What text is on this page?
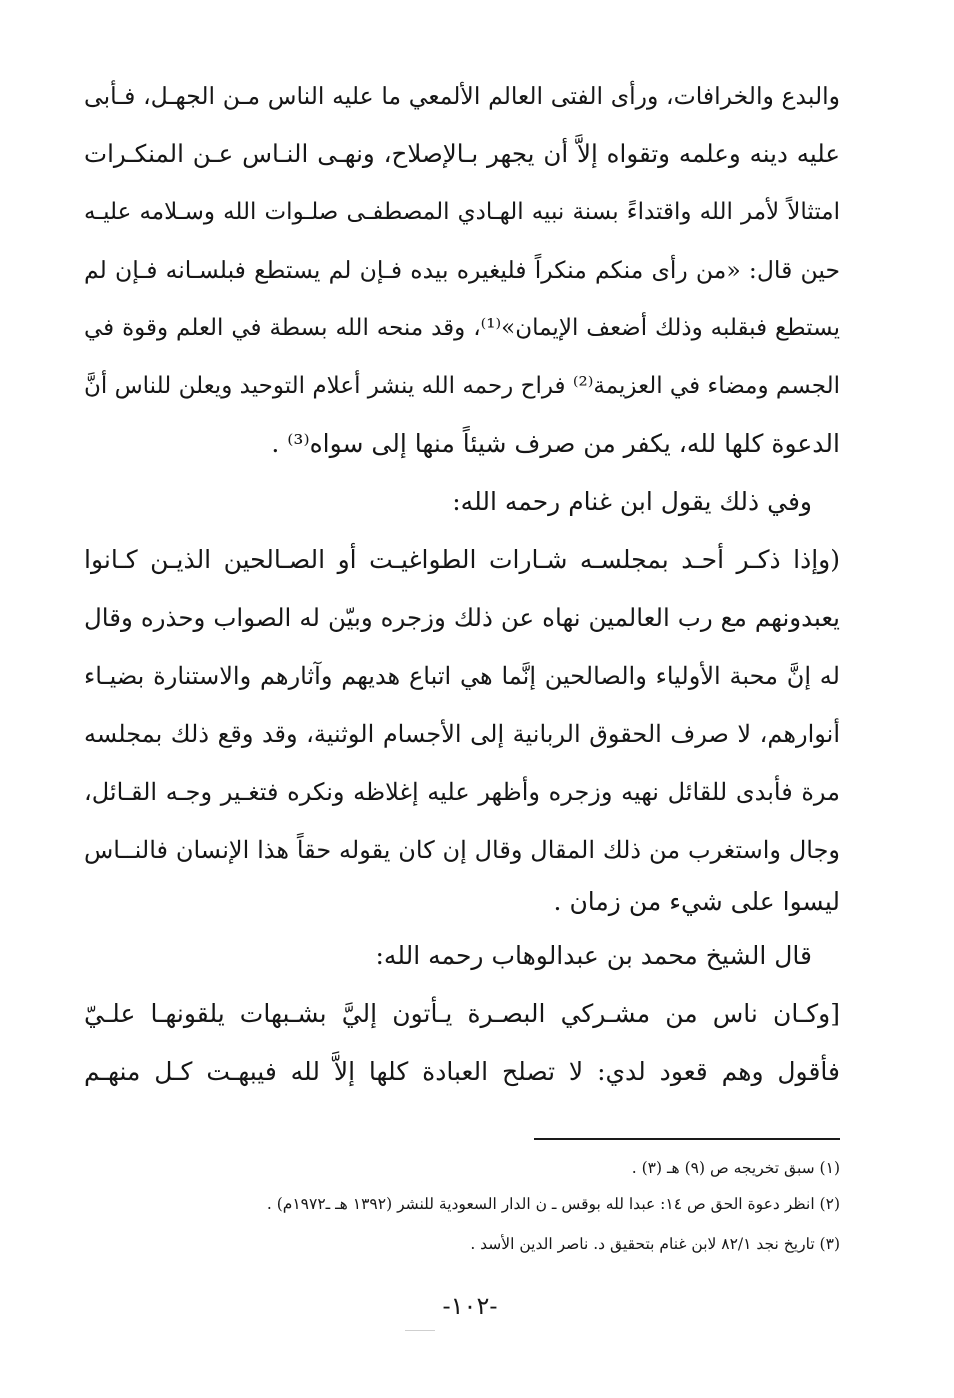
والبدع والخرافات، ورأى الفتى العالم الألمعي ما عليه الناس مـن الجهـل، فـأبى
عليه دينه وعلمه وتقواه إلاَّ أن يجهر بـالإصلاح، ونهـى النـاس عـن المنكـرات
امتثالاً لأمر الله واقتداءً بسنة نبيه الهـادي المصطفـى صلـوات الله وسـلامه عليـه
حين قال: «من رأى منكم منكراً فليغيره بيده فـإن لم يستطع فبلسـانه فـإن لم
يستطع فبقلبه وذلك أضعف الإيمان»⁽¹⁾، وقد منحه الله بسطة في العلم وقوة في
الجسم ومضاء في العزيمة⁽²⁾ فراح رحمه الله ينشر أعلام التوحيد ويعلن للناس أنَّ
الدعوة كلها لله، يكفر من صرف شيئاً منها إلى سواه⁽³⁾ .
وفي ذلك يقول ابن غنام رحمه الله:
(وإذا ذكـر أحـد بمجلسـه شـارات الطواغيـت أو الصـالحين الذيـن كـانوا
يعبدونهم مع رب العالمين نهاه عن ذلك وزجره وبيّن له الصواب وحذره وقال
له إنَّ محبة الأولياء والصالحين إنَّما هي اتباع هديهم وآثارهم والاستنارة بضيـاء
أنوارهم، لا صرف الحقوق الربانية إلى الأجسام الوثنية، وقد وقع ذلك بمجلسه
مرة فأبدى للقائل نهيه وزجره وأظهر عليه إغلاظه ونكره فتغـير وجـه القـائل،
وجال واستغرب من ذلك المقال وقال إن كان يقوله حقاً هذا الإنسان فالنــاس
ليسوا على شيء من زمان .
قال الشيخ محمد بن عبدالوهاب رحمه الله:
[وكـان ناس من مشـركي البصـرة يـأتون إليَّ بشـبهات يلقونهـا علـيّ
فأقول وهم قعود لدي: لا تصلح العبادة كلها إلاَّ لله فيبهـت كـل منهـم
(١) سبق تخريجه ص (٩) هـ (٣) .
(٢) انظر دعوة الحق ص ١٤: عبدا لله بوقس ـ ن الدار السعودية للنشر (١٣٩٢ هـ ـ١٩٧٢م) .
(٣) تاريخ نجد ٨٢/١ لابن غنام بتحقيق د. ناصر الدين الأسد .
-١٠٢-
